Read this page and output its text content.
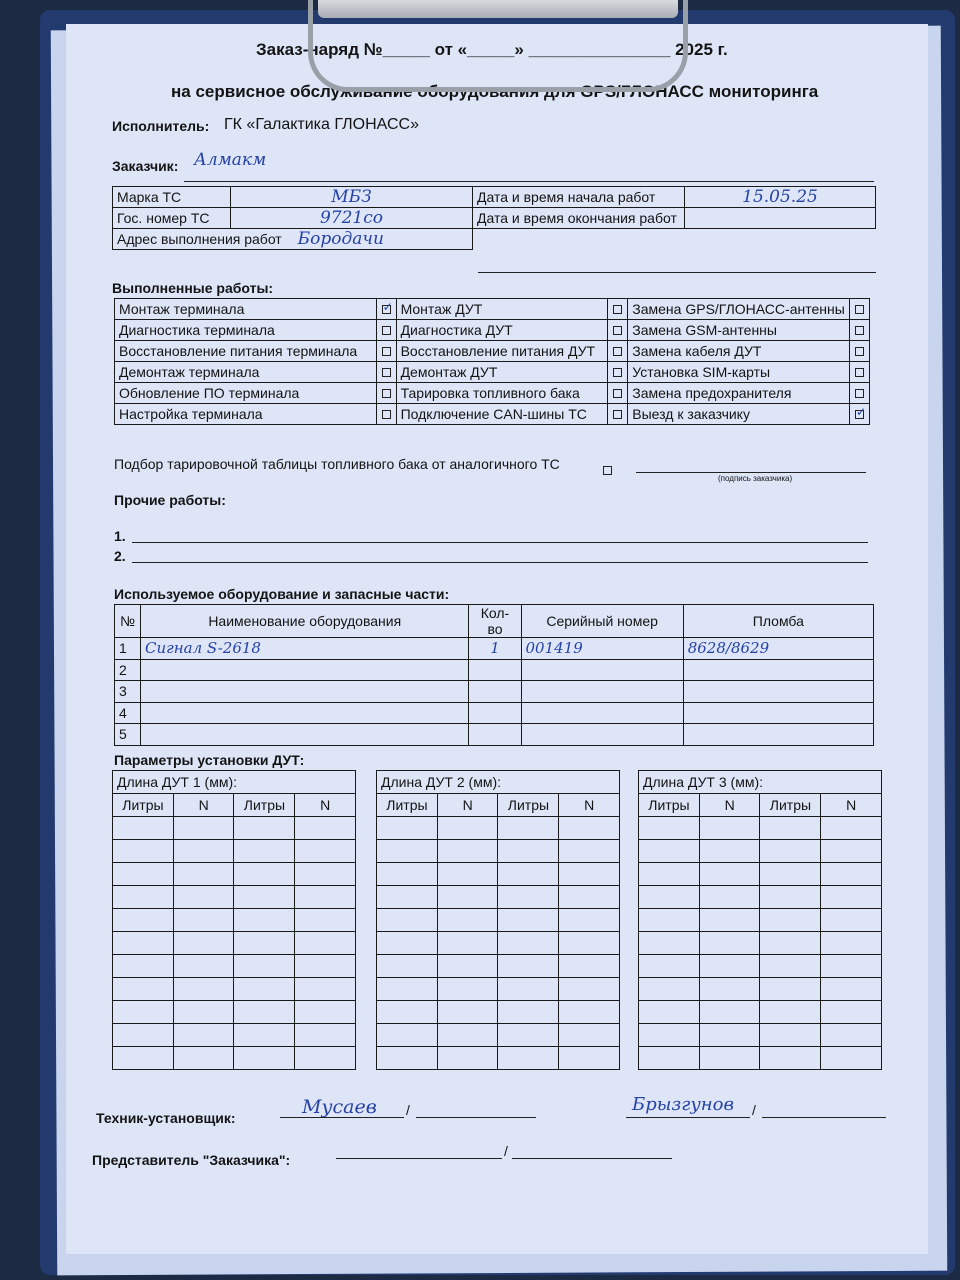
Заказ-наряд №_____ от «_____» _______________ 2025 г.
на сервисное обслуживание оборудования для GPS/ГЛОНАСС мониторинга
Исполнитель: ГК «Галактика ГЛОНАСС»
Заказчик: Алмакм
Марка ТС	МБЗ	Дата и время начала работ	15.05.25
Гос. номер ТС	9721со	Дата и время окончания работ	
Адрес выполнения работ Бородачи			
Выполненные работы:
Монтаж терминала	✓	Монтаж ДУТ		Замена GPS/ГЛОНАСС-антенны	
Диагностика терминала		Диагностика ДУТ		Замена GSM-антенны	
Восстановление питания терминала		Восстановление питания ДУТ		Замена кабеля ДУТ	
Демонтаж терминала		Демонтаж ДУТ		Установка SIM-карты	
Обновление ПО терминала		Тарировка топливного бака		Замена предохранителя	
Настройка терминала		Подключение CAN-шины ТС		Выезд к заказчику	✓
Подбор тарировочной таблицы топливного бака от аналогичного ТС
(подпись заказчика)
Прочие работы:
1.
2.
Используемое оборудование и запасные части:
№	Наименование оборудования	Кол-во	Серийный номер	Пломба
1	Сигнал S-2618	1	001419	8628/8629
2				
3				
4				
5				
Параметры установки ДУТ:
Длина ДУТ 1 (мм):			
Литры	N	Литры	N

Длина ДУТ 2 (мм):			
Литры	N	Литры	N

Длина ДУТ 3 (мм):			
Литры	N	Литры	N

Техник-установщик:	Мусаев /	Брызгунов /
Представитель "Заказчика":
/
